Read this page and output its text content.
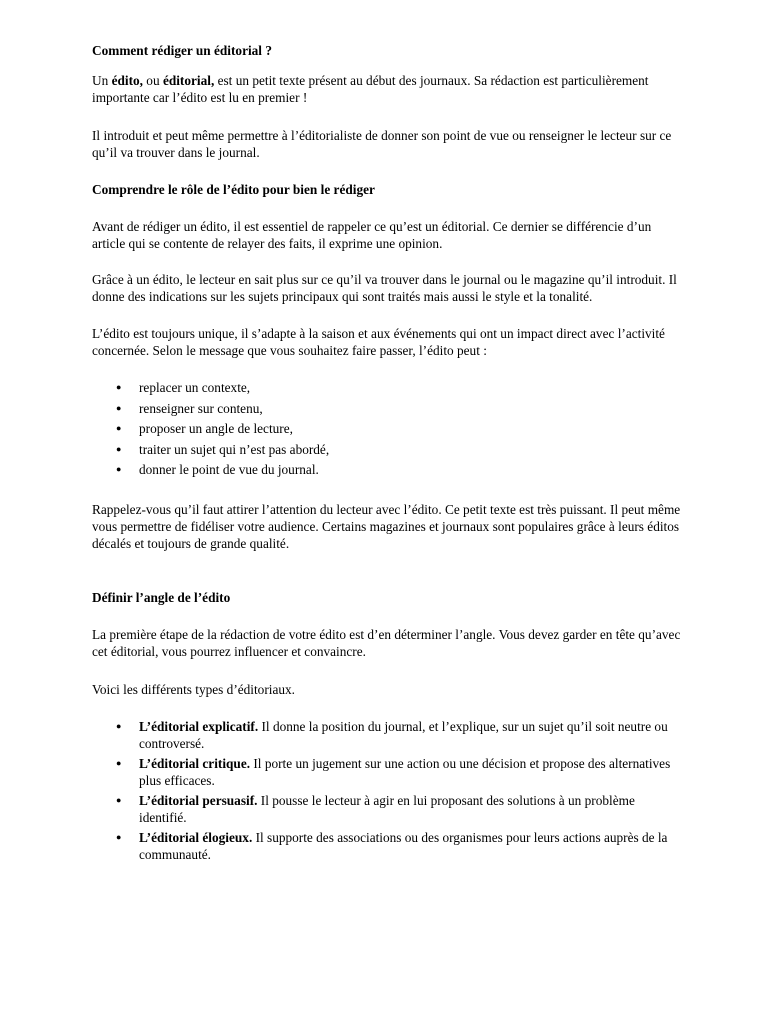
Comment rédiger un éditorial ?

Un édito, ou éditorial, est un petit texte présent au début des journaux. Sa rédaction est particulièrement importante car l’édito est lu en premier !

Il introduit et peut même permettre à l’éditorialiste de donner son point de vue ou renseigner le lecteur sur ce qu’il va trouver dans le journal.

Comprendre le rôle de l’édito pour bien le rédiger

Avant de rédiger un édito, il est essentiel de rappeler ce qu’est un éditorial. Ce dernier se différencie d’un article qui se contente de relayer des faits, il exprime une opinion.

Grâce à un édito, le lecteur en sait plus sur ce qu’il va trouver dans le journal ou le magazine qu’il introduit. Il donne des indications sur les sujets principaux qui sont traités mais aussi le style et la tonalité.

L’édito est toujours unique, il s’adapte à la saison et aux événements qui ont un impact direct avec l’activité concernée. Selon le message que vous souhaitez faire passer, l’édito peut :

● replacer un contexte,
● renseigner sur contenu,
● proposer un angle de lecture,
● traiter un sujet qui n’est pas abordé,
● donner le point de vue du journal.

Rappelez-vous qu’il faut attirer l’attention du lecteur avec l’édito. Ce petit texte est très puissant. Il peut même vous permettre de fidéliser votre audience. Certains magazines et journaux sont populaires grâce à leurs éditos décalés et toujours de grande qualité.

Définir l’angle de l’édito

La première étape de la rédaction de votre édito est d’en déterminer l’angle. Vous devez garder en tête qu’avec cet éditorial, vous pourrez influencer et convaincre.

Voici les différents types d’éditoriaux.

● L’éditorial explicatif. Il donne la position du journal, et l’explique, sur un sujet qu’il soit neutre ou controversé.
● L’éditorial critique. Il porte un jugement sur une action ou une décision et propose des alternatives plus efficaces.
● L’éditorial persuasif. Il pousse le lecteur à agir en lui proposant des solutions à un problème identifié.
● L’éditorial élogieux. Il supporte des associations ou des organismes pour leurs actions auprès de la communauté.
